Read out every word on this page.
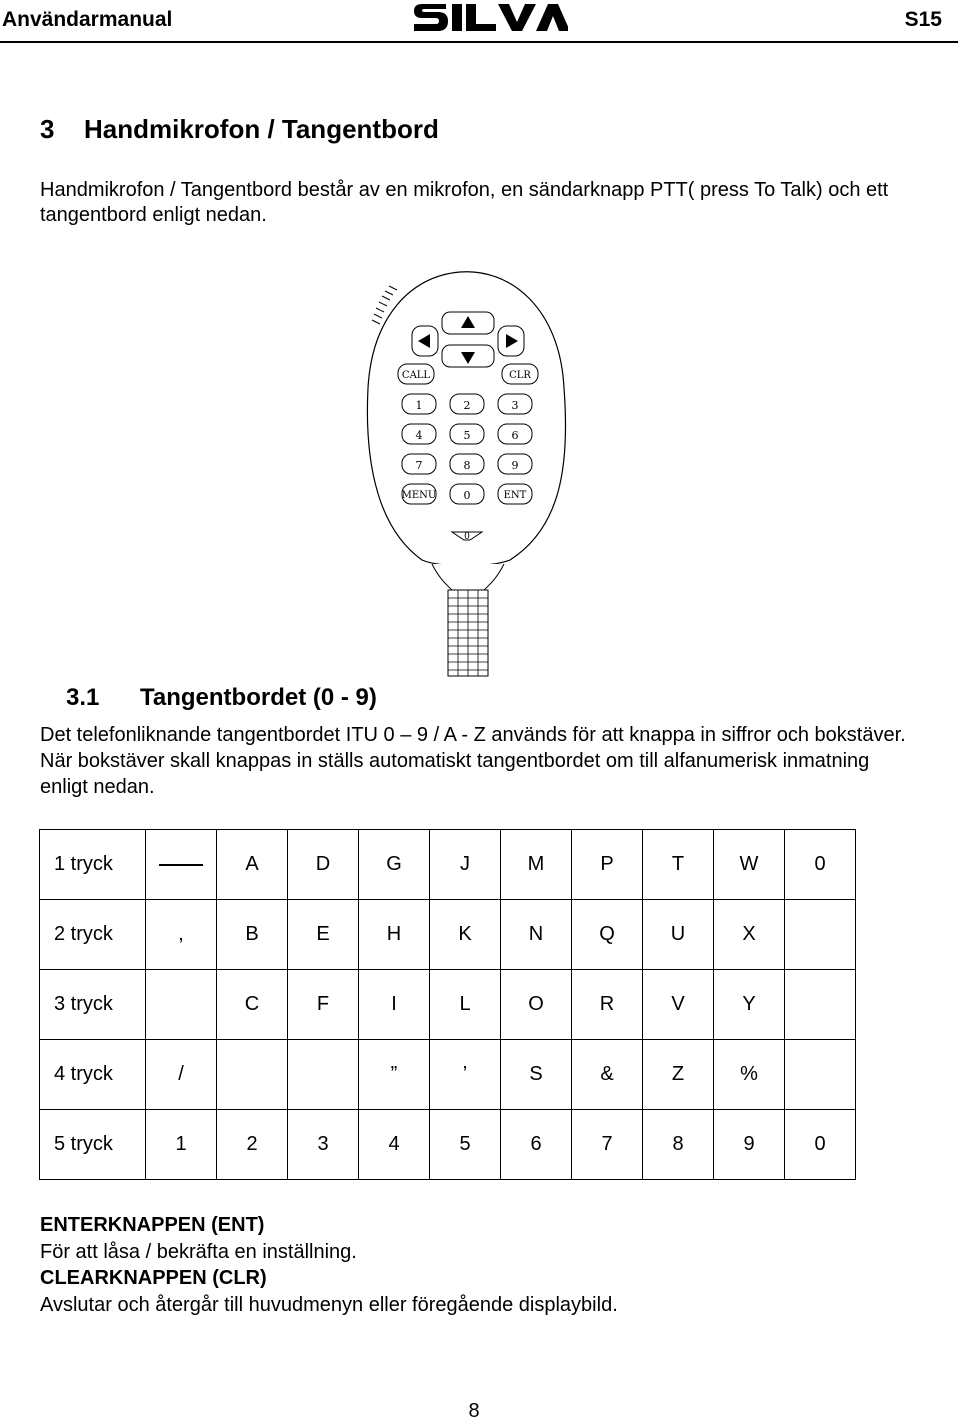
Användarmanual	S15
3 Handmikrofon / Tangentbord

Handmikrofon / Tangentbord består av en mikrofon, en sändarknapp PTT( press To Talk) och ett tangentbord enligt nedan.

CALL	CLR
1	2	3
4	5	6
7	8	9
MENU 0	ENT
0
3.1 Tangentbordet (0 - 9)

Det telefonliknande tangentbordet ITU 0 – 9 / A - Z används för att knappa in siffror och bokstäver. När bokstäver skall knappas in ställs automatiskt tangentbordet om till alfanumerisk inmatning enligt nedan.

1 tryck		A	D	G	J	M	P	T	W	0
2 tryck	,	B	E	H	K	N	Q	U	X	
3 tryck		C	F	I	L	O	R	V	Y	
4 tryck	/			”	’	S	&	Z	%	
5 tryck	1	2	3	4	5	6	7	8	9	0
ENTERKNAPPEN (ENT)
För att låsa / bekräfta en inställning.
CLEARKNAPPEN (CLR)
Avslutar och återgår till huvudmenyn eller föregående displaybild.
8
